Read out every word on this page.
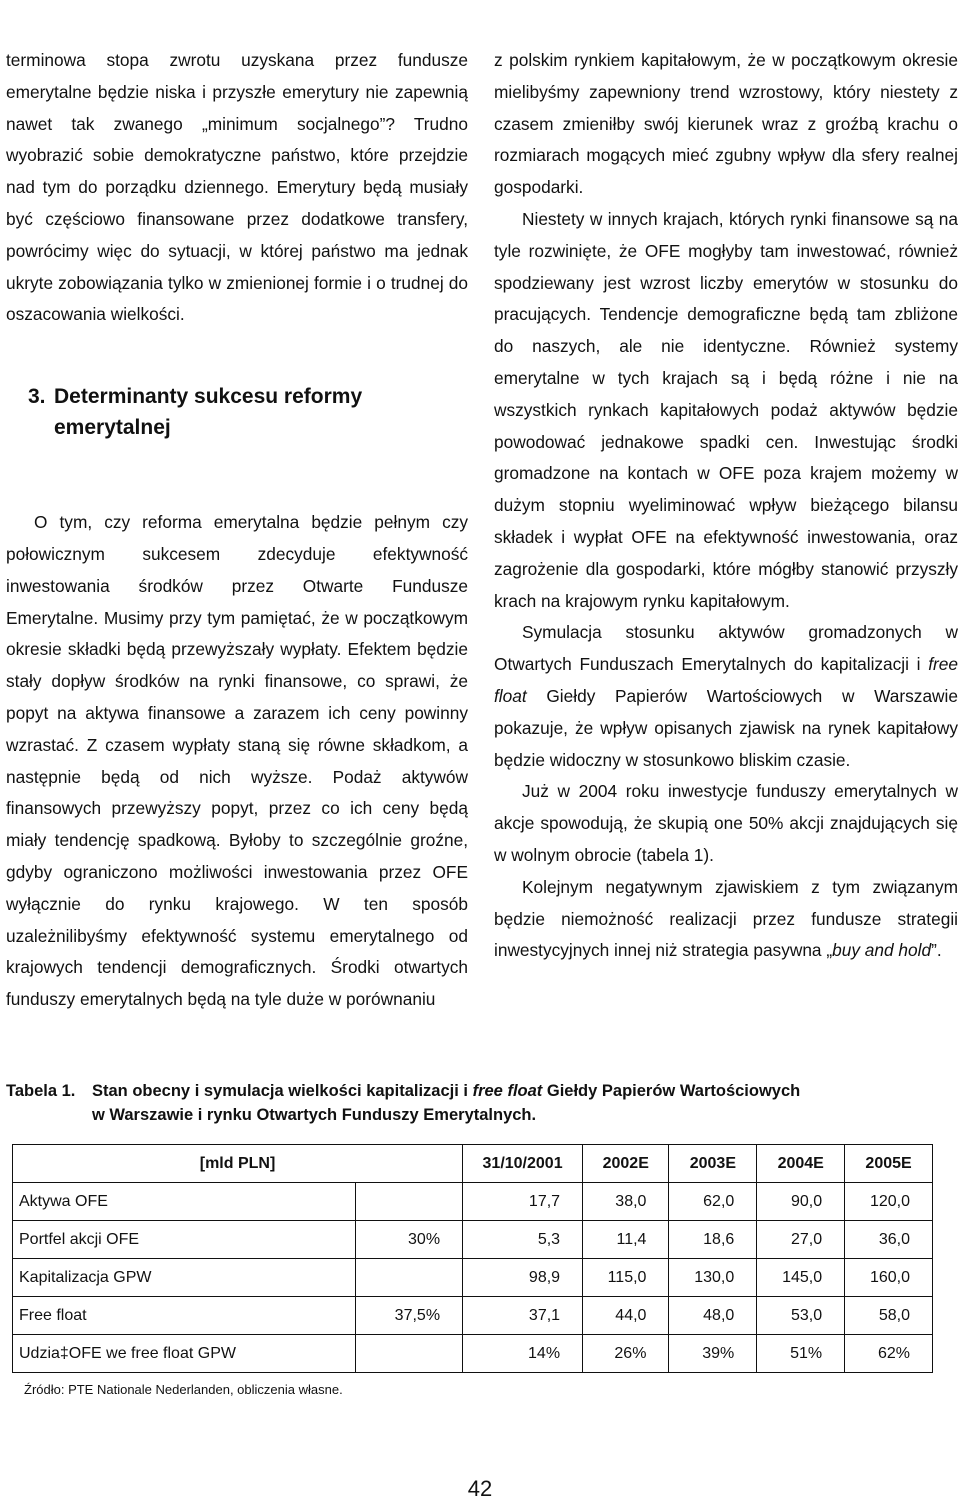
terminowa stopa zwrotu uzyskana przez fundusze emerytalne będzie niska i przyszłe emerytury nie zapewnią nawet tak zwanego „minimum socjalnego”? Trudno wyobrazić sobie demokratyczne państwo, które przejdzie nad tym do porządku dziennego. Emerytury będą musiały być częściowo finansowane przez dodatkowe transfery, powrócimy więc do sytuacji, w której państwo ma jednak ukryte zobowiązania tylko w zmienionej formie i o trudnej do oszacowania wielkości.

3. Determinanty sukcesu reformy emerytalnej

O tym, czy reforma emerytalna będzie pełnym czy połowicznym sukcesem zdecyduje efektywność inwestowania środków przez Otwarte Fundusze Emerytalne. Musimy przy tym pamiętać, że w początkowym okresie składki będą przewyższały wypłaty. Efektem będzie stały dopływ środków na rynki finansowe, co sprawi, że popyt na aktywa finansowe a zarazem ich ceny powinny wzrastać. Z czasem wypłaty staną się równe składkom, a następnie będą od nich wyższe. Podaż aktywów finansowych przewyższy popyt, przez co ich ceny będą miały tendencję spadkową. Byłoby to szczególnie groźne, gdyby ograniczono możliwości inwestowania przez OFE wyłącznie do rynku krajowego. W ten sposób uzależnilibyśmy efektywność systemu emerytalnego od krajowych tendencji demograficznych. Środki otwartych funduszy emerytalnych będą na tyle duże w porównaniu

z polskim rynkiem kapitałowym, że w początkowym okresie mielibyśmy zapewniony trend wzrostowy, który niestety z czasem zmieniłby swój kierunek wraz z groźbą krachu o rozmiarach mogących mieć zgubny wpływ dla sfery realnej gospodarki.

Niestety w innych krajach, których rynki finansowe są na tyle rozwinięte, że OFE mogłyby tam inwestować, również spodziewany jest wzrost liczby emerytów w stosunku do pracujących. Tendencje demograficzne będą tam zbliżone do naszych, ale nie identyczne. Również systemy emerytalne w tych krajach są i będą różne i nie na wszystkich rynkach kapitałowych podaż aktywów będzie powodować jednakowe spadki cen. Inwestując środki gromadzone na kontach w OFE poza krajem możemy w dużym stopniu wyeliminować wpływ bieżącego bilansu składek i wypłat OFE na efektywność inwestowania, oraz zagrożenie dla gospodarki, które mógłby stanowić przyszły krach na krajowym rynku kapitałowym.

Symulacja stosunku aktywów gromadzonych w Otwartych Funduszach Emerytalnych do kapitalizacji i free float Giełdy Papierów Wartościowych w Warszawie pokazuje, że wpływ opisanych zjawisk na rynek kapitałowy będzie widoczny w stosunkowo bliskim czasie.

Już w 2004 roku inwestycje funduszy emerytalnych w akcje spowodują, że skupią one 50% akcji znajdujących się w wolnym obrocie (tabela 1).

Kolejnym negatywnym zjawiskiem z tym związanym będzie niemożność realizacji przez fundusze strategii inwestycyjnych innej niż strategia pasywna „buy and hold”.

Tabela 1. Stan obecny i symulacja wielkości kapitalizacji i free float Giełdy Papierów Wartościowych
w Warszawie i rynku Otwartych Funduszy Emerytalnych.
[mld PLN]		31/10/2001	2002E	2003E	2004E	2005E
Aktywa OFE		17,7	38,0	62,0	90,0	120,0
Portfel akcji OFE	30%	5,3	11,4	18,6	27,0	36,0
Kapitalizacja GPW		98,9	115,0	130,0	145,0	160,0
Free float	37,5%	37,1	44,0	48,0	53,0	58,0
Udzia‡OFE we free float GPW		14%	26%	39%	51%	62%
Źródło: PTE Nationale Nederlanden, obliczenia własne.
42
